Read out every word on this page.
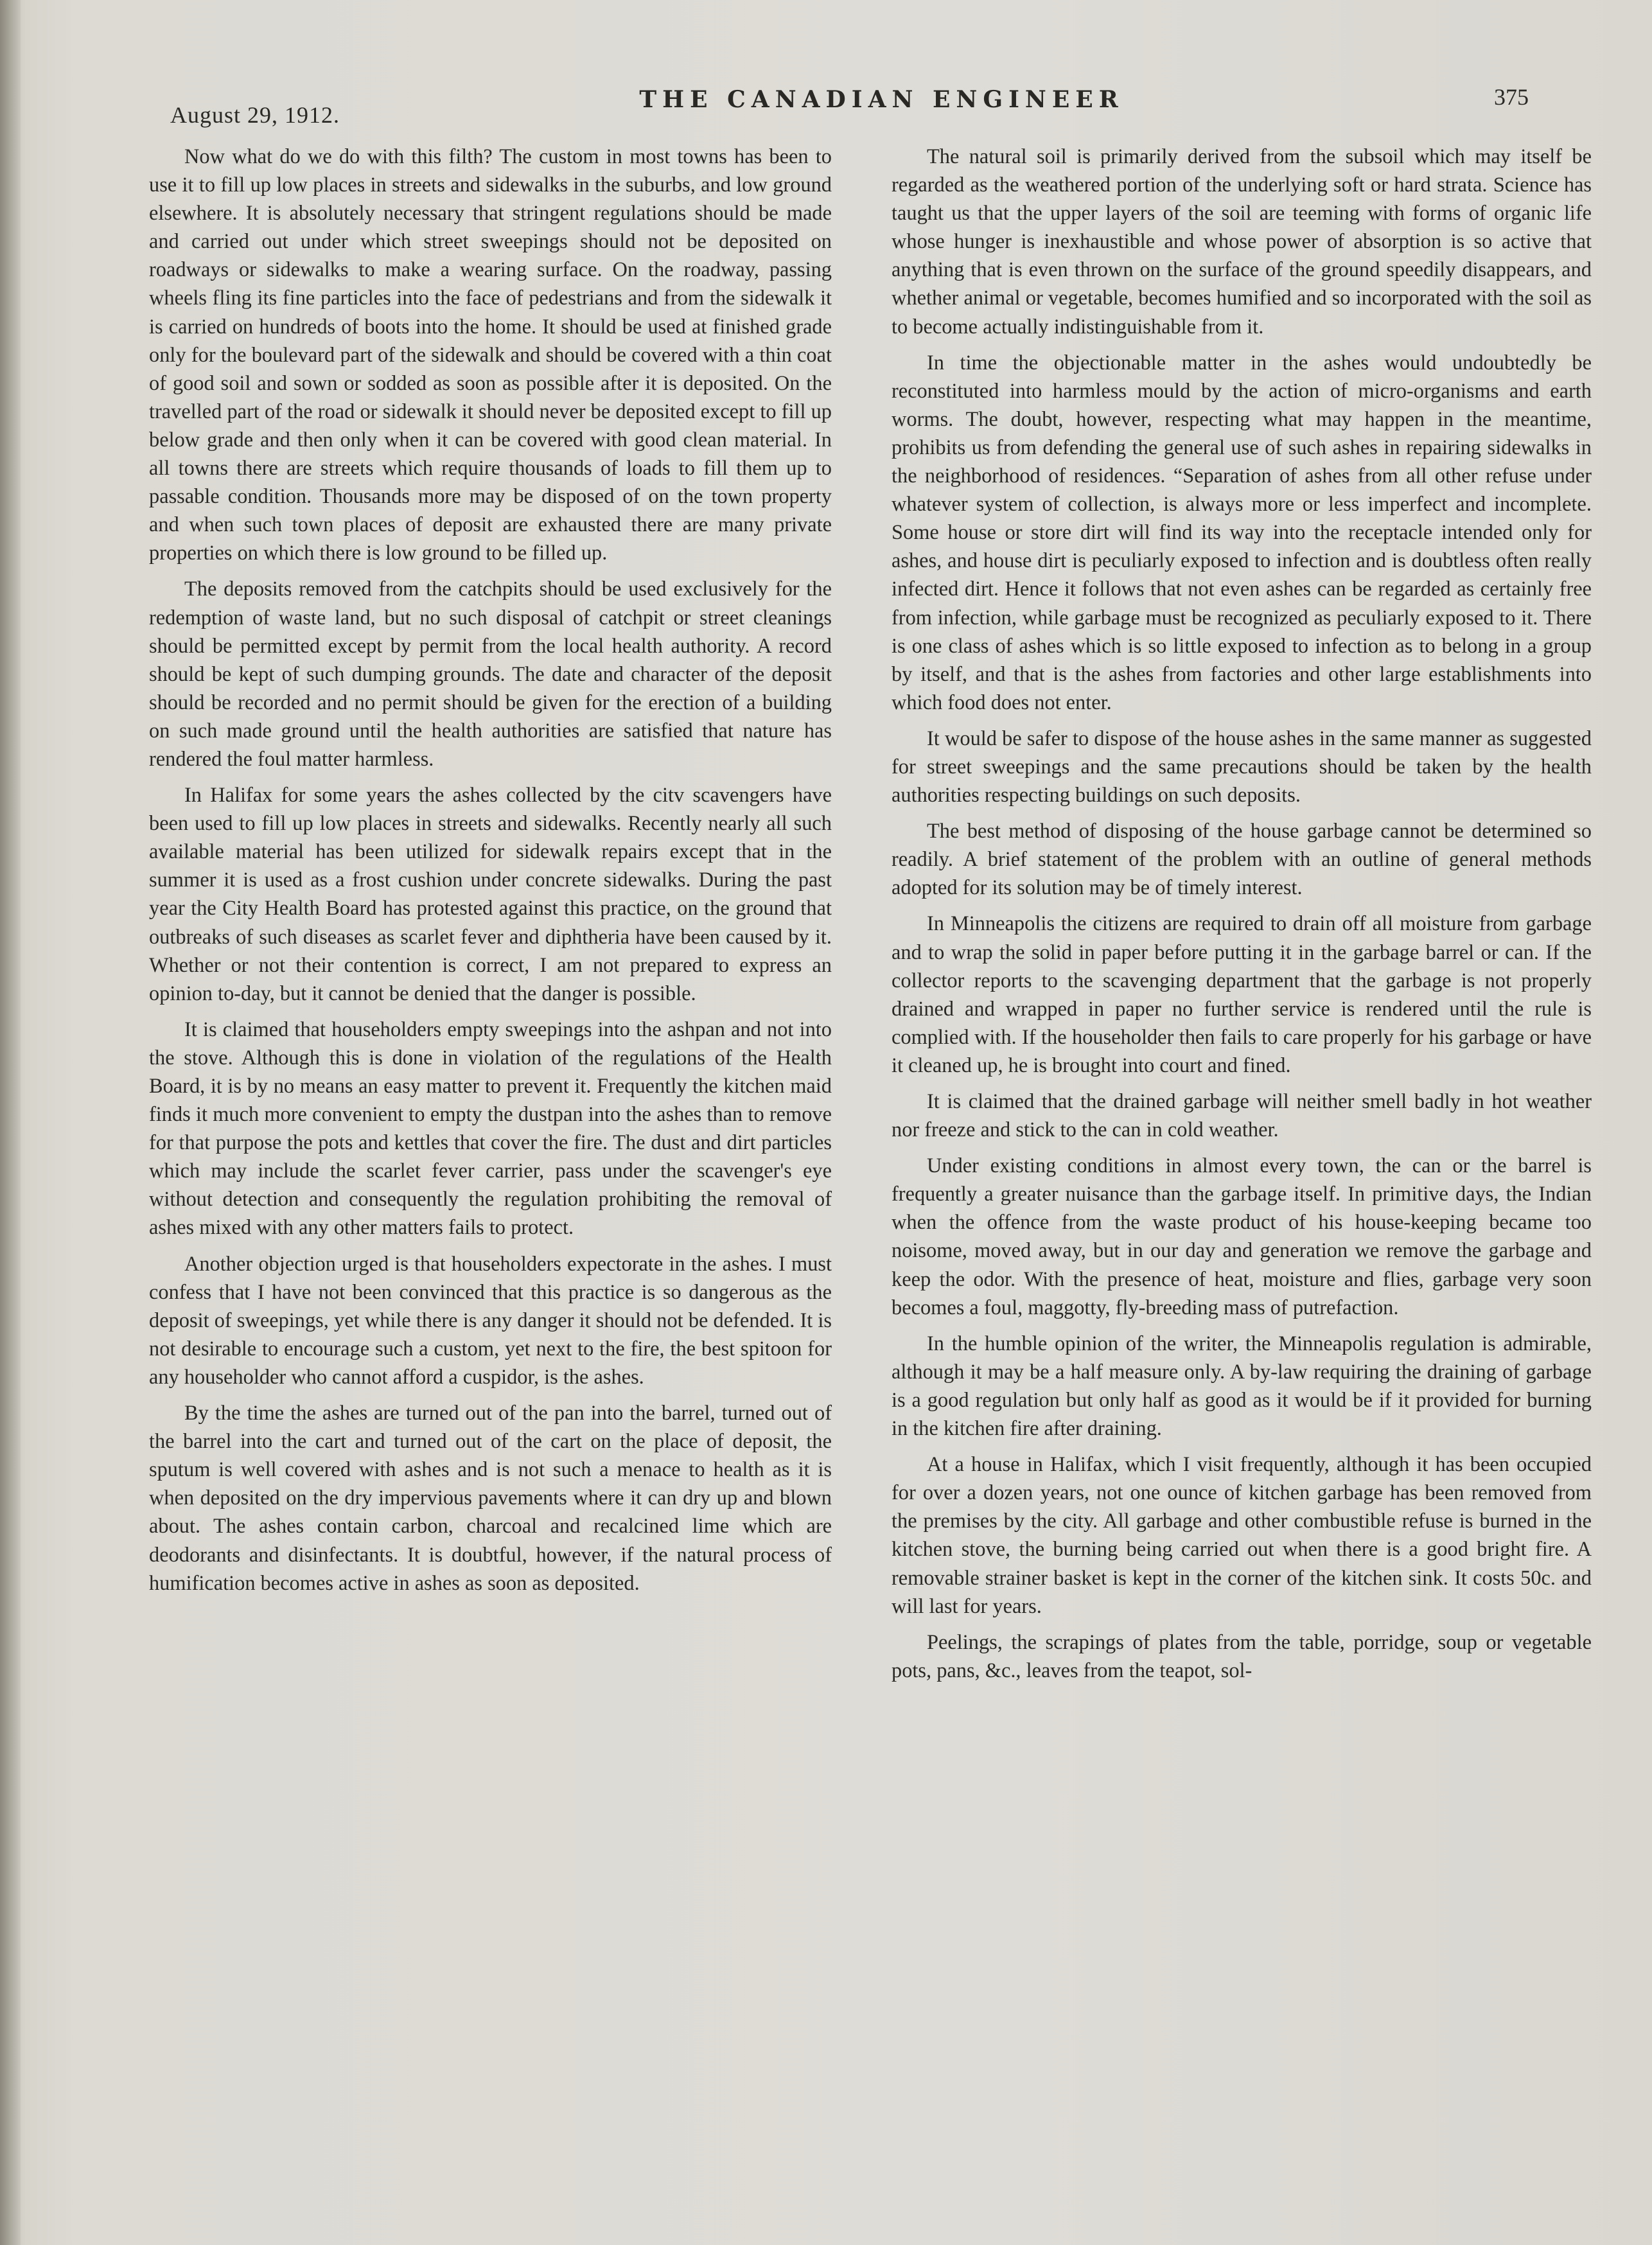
August 29, 1912.
THE CANADIAN ENGINEER	375

Now what do we do with this filth? The custom in most towns has been to use it to fill up low places in streets and sidewalks in the suburbs, and low ground elsewhere. It is absolutely necessary that stringent regulations should be made and carried out under which street sweepings should not be deposited on roadways or sidewalks to make a wearing surface. On the roadway, passing wheels fling its fine particles into the face of pedestrians and from the sidewalk it is carried on hundreds of boots into the home. It should be used at finished grade only for the boulevard part of the sidewalk and should be covered with a thin coat of good soil and sown or sodded as soon as possible after it is deposited. On the travelled part of the road or sidewalk it should never be deposited except to fill up below grade and then only when it can be covered with good clean material. In all towns there are streets which require thousands of loads to fill them up to passable condition. Thousands more may be disposed of on the town property and when such town places of deposit are exhausted there are many private properties on which there is low ground to be filled up.

The deposits removed from the catchpits should be used exclusively for the redemption of waste land, but no such disposal of catchpit or street cleanings should be permitted except by permit from the local health authority. A record should be kept of such dumping grounds. The date and character of the deposit should be recorded and no permit should be given for the erection of a building on such made ground until the health authorities are satisfied that nature has rendered the foul matter harmless.

In Halifax for some years the ashes collected by the citv scavengers have been used to fill up low places in streets and sidewalks. Recently nearly all such available material has been utilized for sidewalk repairs except that in the summer it is used as a frost cushion under concrete sidewalks. During the past year the City Health Board has protested against this practice, on the ground that outbreaks of such diseases as scarlet fever and diphtheria have been caused by it. Whether or not their contention is correct, I am not prepared to express an opinion to-day, but it cannot be denied that the danger is possible.

It is claimed that householders empty sweepings into the ashpan and not into the stove. Although this is done in violation of the regulations of the Health Board, it is by no means an easy matter to prevent it. Frequently the kitchen maid finds it much more convenient to empty the dustpan into the ashes than to remove for that purpose the pots and kettles that cover the fire. The dust and dirt particles which may include the scarlet fever carrier, pass under the scavenger's eye without detection and consequently the regulation prohibiting the removal of ashes mixed with any other matters fails to protect.

Another objection urged is that householders expectorate in the ashes. I must confess that I have not been convinced that this practice is so dangerous as the deposit of sweepings, yet while there is any danger it should not be defended. It is not desirable to encourage such a custom, yet next to the fire, the best spitoon for any householder who cannot afford a cuspidor, is the ashes.

By the time the ashes are turned out of the pan into the barrel, turned out of the barrel into the cart and turned out of the cart on the place of deposit, the sputum is well covered with ashes and is not such a menace to health as it is when deposited on the dry impervious pavements where it can dry up and blown about. The ashes contain carbon, charcoal and recalcined lime which are deodorants and disinfectants. It is doubtful, however, if the natural process of humification becomes active in ashes as soon as deposited.

The natural soil is primarily derived from the subsoil which may itself be regarded as the weathered portion of the underlying soft or hard strata. Science has taught us that the upper layers of the soil are teeming with forms of organic life whose hunger is inexhaustible and whose power of absorption is so active that anything that is even thrown on the surface of the ground speedily disappears, and whether animal or vegetable, becomes humified and so incorporated with the soil as to become actually indistinguishable from it.

In time the objectionable matter in the ashes would undoubtedly be reconstituted into harmless mould by the action of micro-organisms and earth worms. The doubt, however, respecting what may happen in the meantime, prohibits us from defending the general use of such ashes in repairing sidewalks in the neighborhood of residences. “Separation of ashes from all other refuse under whatever system of collection, is always more or less imperfect and incomplete. Some house or store dirt will find its way into the receptacle intended only for ashes, and house dirt is peculiarly exposed to infection and is doubtless often really infected dirt. Hence it follows that not even ashes can be regarded as certainly free from infection, while garbage must be recognized as peculiarly exposed to it. There is one class of ashes which is so little exposed to infection as to belong in a group by itself, and that is the ashes from factories and other large establishments into which food does not enter.

It would be safer to dispose of the house ashes in the same manner as suggested for street sweepings and the same precautions should be taken by the health authorities respecting buildings on such deposits.

The best method of disposing of the house garbage cannot be determined so readily. A brief statement of the problem with an outline of general methods adopted for its solution may be of timely interest.

In Minneapolis the citizens are required to drain off all moisture from garbage and to wrap the solid in paper before putting it in the garbage barrel or can. If the collector reports to the scavenging department that the garbage is not properly drained and wrapped in paper no further service is rendered until the rule is complied with. If the householder then fails to care properly for his garbage or have it cleaned up, he is brought into court and fined.

It is claimed that the drained garbage will neither smell badly in hot weather nor freeze and stick to the can in cold weather.

Under existing conditions in almost every town, the can or the barrel is frequently a greater nuisance than the garbage itself. In primitive days, the Indian when the offence from the waste product of his house-keeping became too noisome, moved away, but in our day and generation we remove the garbage and keep the odor. With the presence of heat, moisture and flies, garbage very soon becomes a foul, maggotty, fly-breeding mass of putrefaction.

In the humble opinion of the writer, the Minneapolis regulation is admirable, although it may be a half measure only. A by-law requiring the draining of garbage is a good regulation but only half as good as it would be if it provided for burning in the kitchen fire after draining.

At a house in Halifax, which I visit frequently, although it has been occupied for over a dozen years, not one ounce of kitchen garbage has been removed from the premises by the city. All garbage and other combustible refuse is burned in the kitchen stove, the burning being carried out when there is a good bright fire. A removable strainer basket is kept in the corner of the kitchen sink. It costs 50c. and will last for years.

Peelings, the scrapings of plates from the table, porridge, soup or vegetable pots, pans, &c., leaves from the teapot, sol-
